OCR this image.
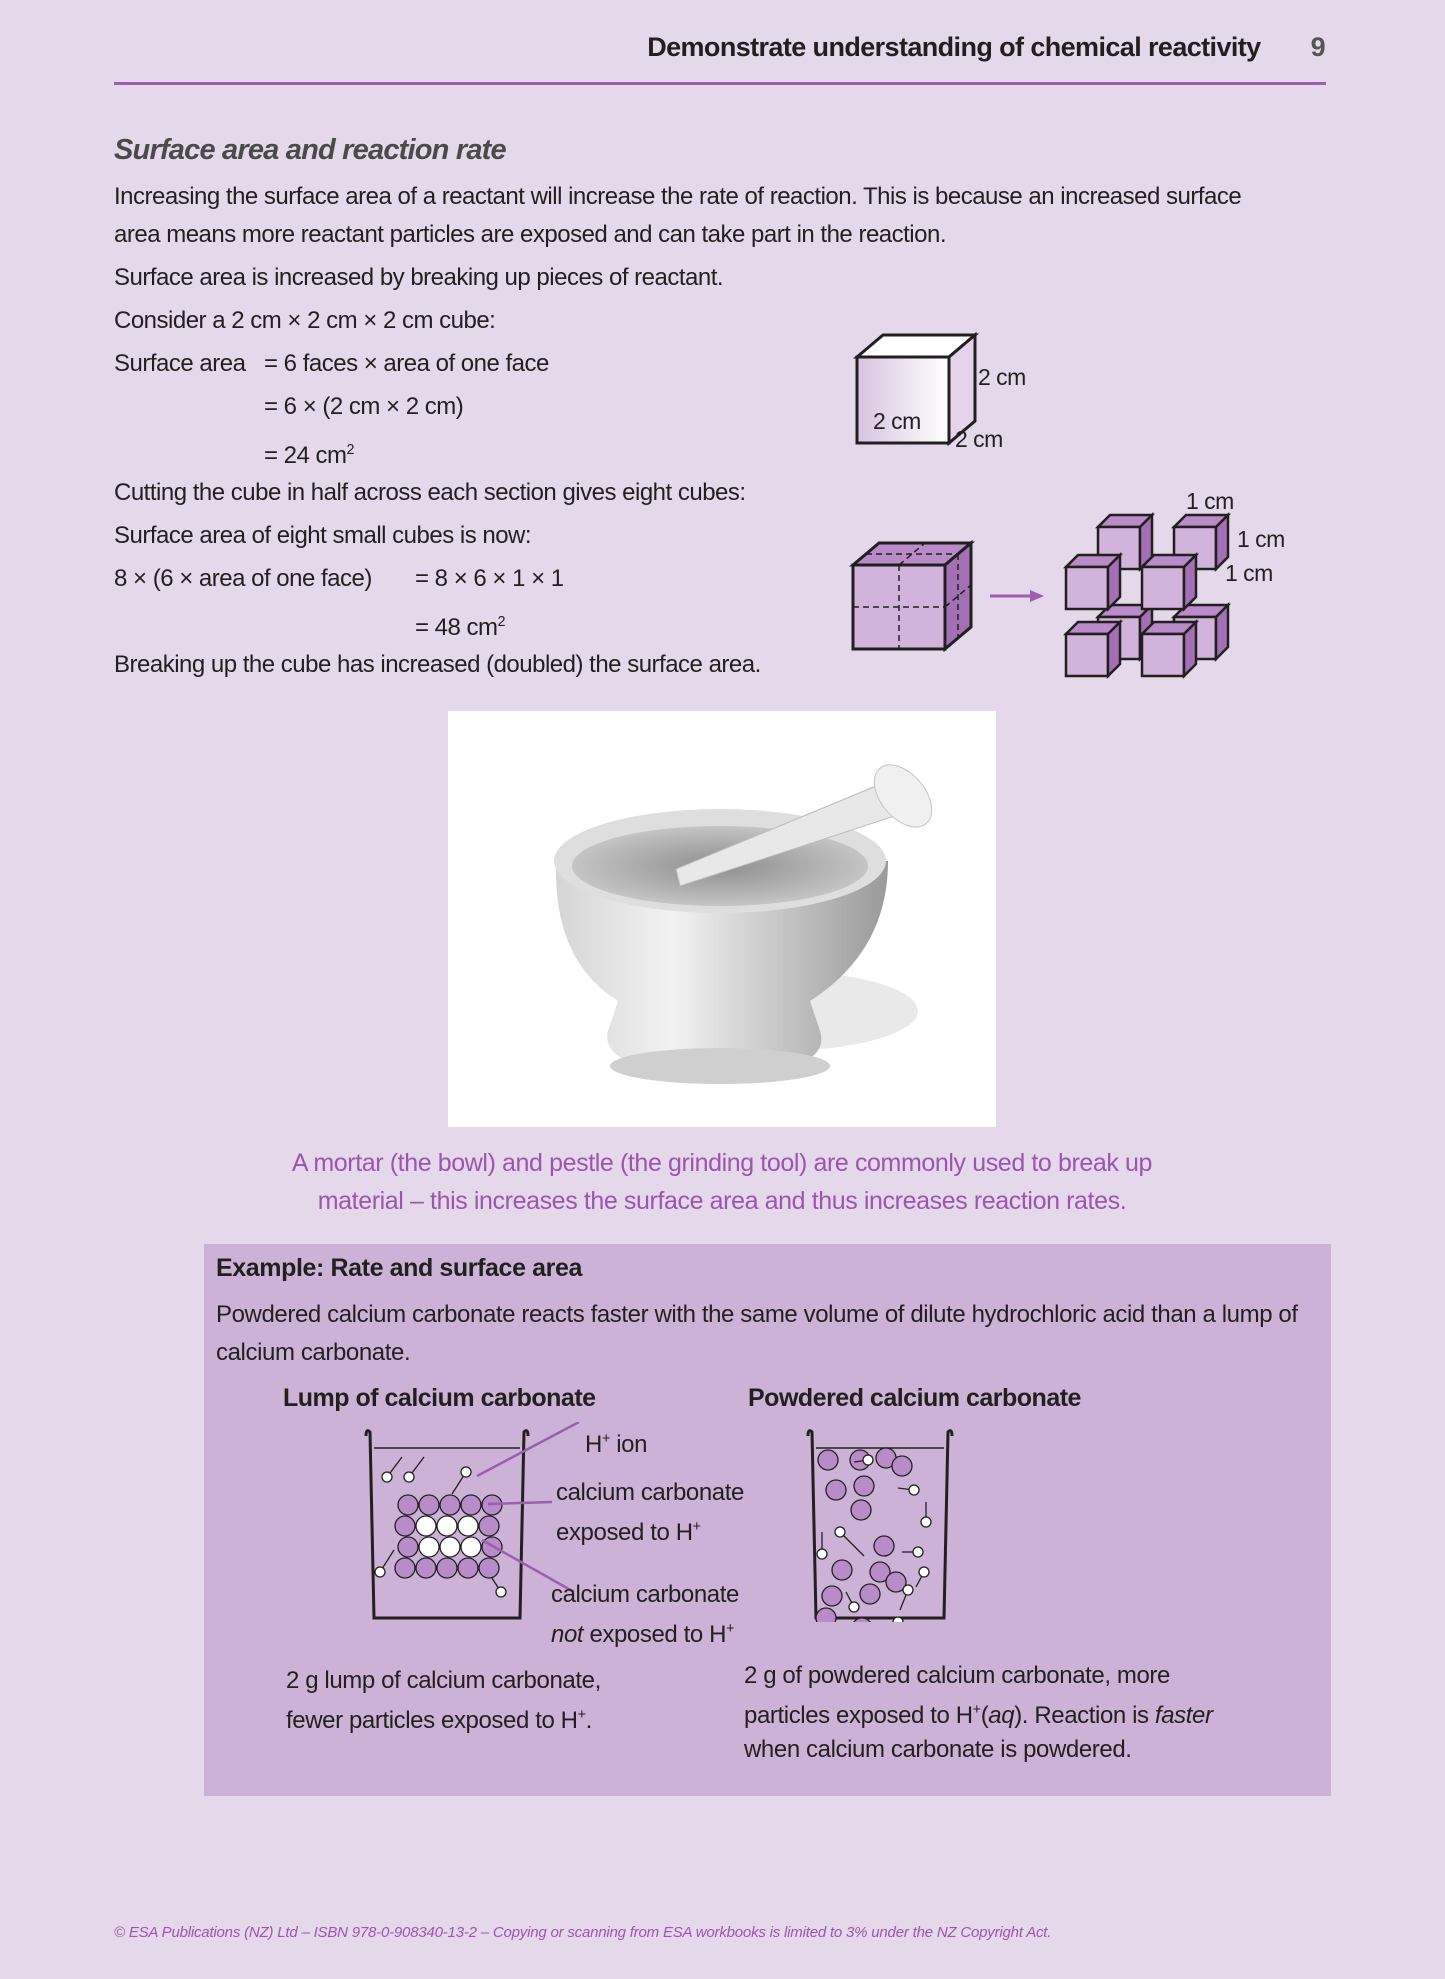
Demonstrate understanding of chemical reactivity 9
Surface area and reaction rate
Increasing the surface area of a reactant will increase the rate of reaction. This is because an increased surface
area means more reactant particles are exposed and can take part in the reaction.
Surface area is increased by breaking up pieces of reactant.
Consider a 2 cm × 2 cm × 2 cm cube:
Surface area = 6 faces × area of one face
= 6 × (2 cm × 2 cm)
= 24 $cm^2$
Cutting the cube in half across each section gives eight cubes:
Surface area of eight small cubes is now:
8 × (6 × area of one face) = 8 × 6 × 1 × 1
= 48 $cm^2$
Breaking up the cube has increased (doubled) the surface area.
2 cm
2 cm
2 cm
1 cm
1 cm
1 cm
A mortar (the bowl) and pestle (the grinding tool) are commonly used to break up
material – this increases the surface area and thus increases reaction rates.
Example: Rate and surface area
Powdered calcium carbonate reacts faster with the same volume of dilute hydrochloric acid than a lump of calcium carbonate.
Lump of calcium carbonate	Powdered calcium carbonate
H+ ion
calcium carbonate
exposed to H+
calcium carbonate
not exposed to H+
2 g lump of calcium carbonate,
fewer particles exposed to H+.
2 g of powdered calcium carbonate, more
particles exposed to H+(aq). Reaction is faster
when calcium carbonate is powdered.
© ESA Publications (NZ) Ltd – ISBN 978-0-908340-13-2 – Copying or scanning from ESA workbooks is limited to 3% under the NZ Copyright Act.
